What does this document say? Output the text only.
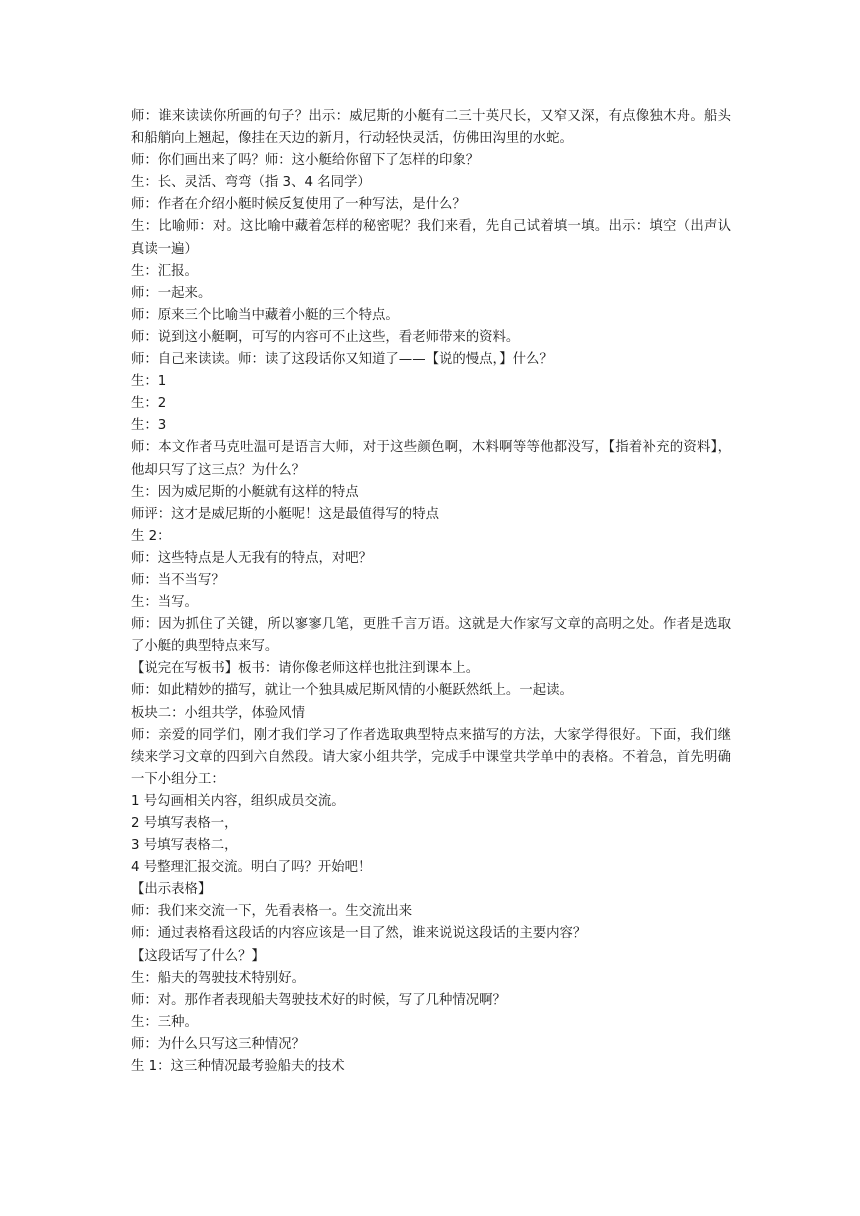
师：谁来读读你所画的句子？出示：威尼斯的小艇有二三十英尺长，又窄又深，有点像独木舟。船头和船艄向上翘起，像挂在天边的新月，行动轻快灵活，仿佛田沟里的水蛇。

师：你们画出来了吗？师：这小艇给你留下了怎样的印象？

生：长、灵活、弯弯（指 3、4 名同学）

师：作者在介绍小艇时候反复使用了一种写法，是什么？

生：比喻师：对。这比喻中藏着怎样的秘密呢？我们来看，先自己试着填一填。出示：填空（出声认真读一遍）

生：汇报。

师：一起来。

师：原来三个比喻当中藏着小艇的三个特点。

师：说到这小艇啊，可写的内容可不止这些，看老师带来的资料。

师：自己来读读。师：读了这段话你又知道了——【说的慢点，】什么？

生：1

生：2

生：3

师：本文作者马克吐温可是语言大师，对于这些颜色啊，木料啊等等他都没写，【指着补充的资料】，他却只写了这三点？为什么？

生：因为威尼斯的小艇就有这样的特点

师评：这才是威尼斯的小艇呢！这是最值得写的特点

生 2：

师：这些特点是人无我有的特点，对吧？

师：当不当写？

生：当写。

师：因为抓住了关键，所以寥寥几笔，更胜千言万语。这就是大作家写文章的高明之处。作者是选取了小艇的典型特点来写。

【说完在写板书】板书：请你像老师这样也批注到课本上。

师：如此精妙的描写，就让一个独具威尼斯风情的小艇跃然纸上。一起读。

板块二：小组共学，体验风情

师：亲爱的同学们，刚才我们学习了作者选取典型特点来描写的方法，大家学得很好。下面，我们继续来学习文章的四到六自然段。请大家小组共学，完成手中课堂共学单中的表格。不着急，首先明确一下小组分工：

1 号勾画相关内容，组织成员交流。

2 号填写表格一，

3 号填写表格二，

4 号整理汇报交流。明白了吗？开始吧！

【出示表格】

师：我们来交流一下，先看表格一。生交流出来

师：通过表格看这段话的内容应该是一目了然，谁来说说这段话的主要内容？

【这段话写了什么？】

生：船夫的驾驶技术特别好。

师：对。那作者表现船夫驾驶技术好的时候，写了几种情况啊？

生：三种。

师：为什么只写这三种情况？

生 1：这三种情况最考验船夫的技术
